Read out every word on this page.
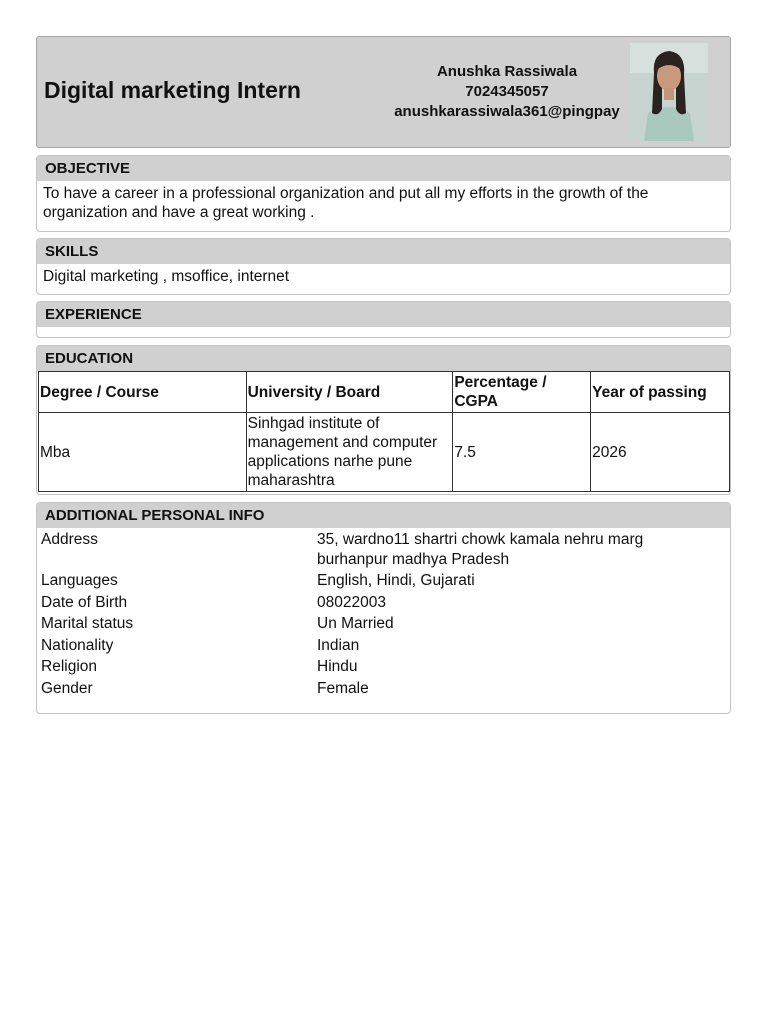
Digital marketing Intern
Anushka Rassiwala
7024345057
anushkarassiwala361@pingpay
OBJECTIVE
To have a career in a professional organization and put all my efforts in the growth of the organization and have a great working .
SKILLS
Digital marketing , msoffice, internet
EXPERIENCE
EDUCATION
Degree / Course	University / Board	Percentage / CGPA	Year of passing
Mba	Sinhgad institute of management and computer applications narhe pune maharashtra	7.5	2026
ADDITIONAL PERSONAL INFO
Address	35, wardno11 shartri chowk kamala nehru marg burhanpur madhya Pradesh
Languages	English, Hindi, Gujarati
Date of Birth	08022003
Marital status	Un Married
Nationality	Indian
Religion	Hindu
Gender	Female
